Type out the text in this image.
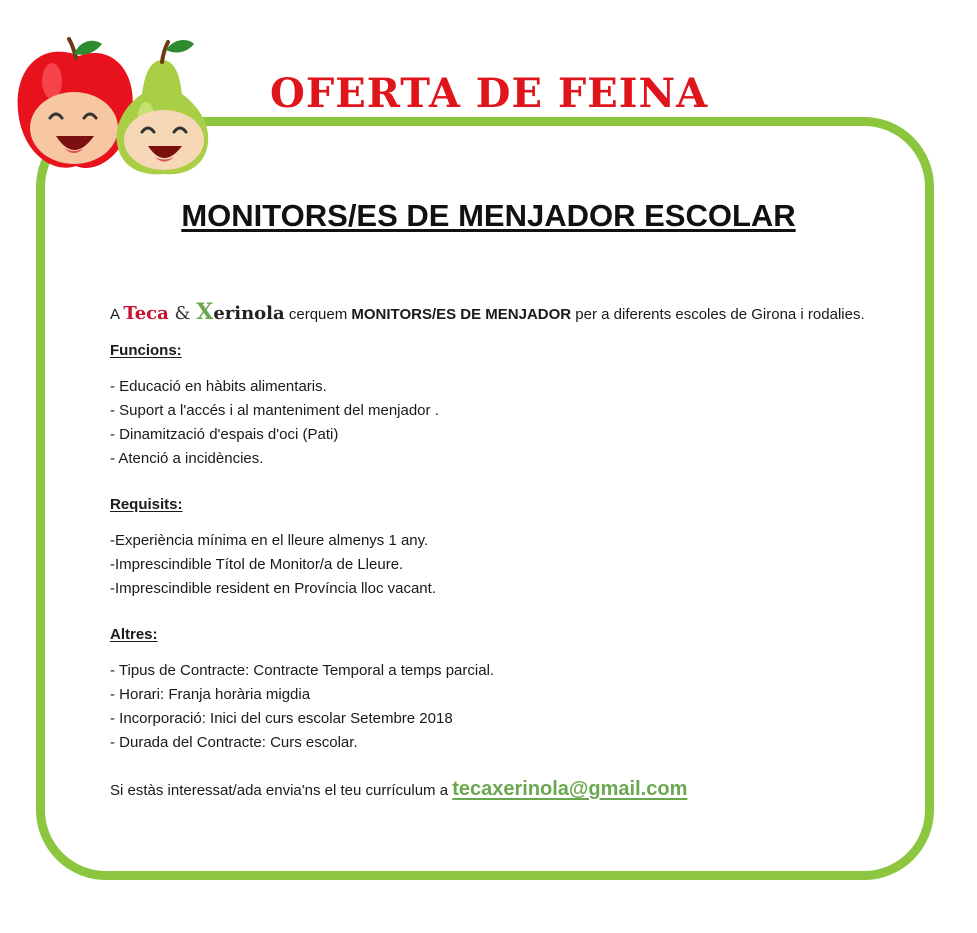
OFERTA DE FEINA
MONITORS/ES DE MENJADOR ESCOLAR

A Teca & Xerinola cerquem MONITORS/ES DE MENJADOR per a diferents escoles de Girona i rodalies.

Funcions:

- Educació en hàbits alimentaris.

- Suport a l'accés i al manteniment del menjador .

- Dinamització d'espais d'oci (Pati)

- Atenció a incidències.

Requisits:

-Experiència mínima en el lleure almenys 1 any.

-Imprescindible Títol de Monitor/a de Lleure.

-Imprescindible resident en Província lloc vacant.

Altres:

- Tipus de Contracte: Contracte Temporal a temps parcial.

- Horari: Franja horària migdia

- Incorporació: Inici del curs escolar Setembre 2018

- Durada del Contracte: Curs escolar.

Si estàs interessat/ada envia'ns el teu currículum a tecaxerinola@gmail.com
